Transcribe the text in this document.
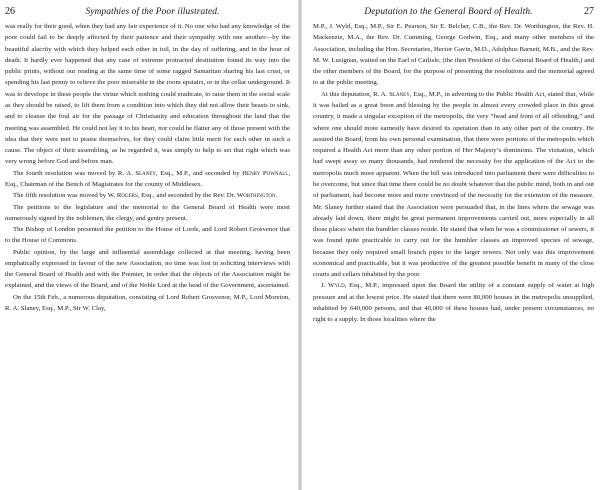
26	Sympathies of the Poor illustrated.

was really for their good, when they had any fair experience of it. No one who had any knowledge of the poor could fail to be deeply affected by their patience and their sympathy with one another—by the beautiful alacrity with which they helped each other in toil, in the day of suffering, and in the hour of death. It hardly ever happened that any case of extreme protracted destitution found its way into the public prints, without our reading at the same time of some ragged Samaritan sharing his last crust, or spending his last penny to relieve the poor miserable in the room upstairs, or in the cellar underground. It was to develope in these people the virtue which nothing could eradicate, to raise them in the social scale as they should be raised, to lift them from a condition into which they did not allow their beasts to sink, and to cleanse the foul air for the passage of Christianity and education throughout the land that the meeting was assembled. He could not lay it to his heart, nor could he flatter any of those present with the idea that they were met to praise themselves, for they could claim little merit for each other in such a cause. The object of their assembling, as he regarded it, was simply to help to set that right which was very wrong before God and before man.

The fourth resolution was moved by R. A. Slaney, Esq., M.P., and seconded by Henry Pownall, Esq., Chairman of the Bench of Magistrates for the county of Middlesex.

The fifth resolution was moved by W. Rogers, Esq., and seconded by the Rev. Dr. Worthington.

The petitions to the legislature and the memorial to the General Board of Health were most numerously signed by the noblemen, the clergy, and gentry present.

The Bishop of London presented the petition to the House of Lords, and Lord Robert Grosvenor that to the House of Commons.

Public opinion, by the large and influential assemblage collected at that meeting, having been emphatically expressed in favour of the new Association, no time was lost in soliciting interviews with the General Board of Health and with the Premier, in order that the objects of the Association might be explained, and the views of the Board, and of the Noble Lord at the head of the Government, ascertained.

On the 15th Feb., a numerous deputation, consisting of Lord Robert Grosvenor, M.P., Lord Moreton, R. A. Slaney, Esq., M.P., Sir W. Clay,

Deputation to the General Board of Health.	27

M.P., J. Wyld, Esq., M.P., Sir E. Pearson, Sir E. Belcher, C.B., the Rev. Dr. Worthington, the Rev. H. Mackenzie, M.A., the Rev. Dr. Cumming, George Godwin, Esq., and many other members of the Association, including the Hon. Secretaries, Hector Gavin, M.D., Adolphus Barnett, M.B., and the Rev. M. W. Lusignan, waited on the Earl of Carlisle, (the then President of the General Board of Health,) and the other members of the Board, for the purpose of presenting the resolutions and the memorial agreed to at the public meeting.

At this deputation, R. A. Slaney, Esq., M.P., in adverting to the Public Health Act, stated that, while it was hailed as a great boon and blessing by the people in almost every crowded place in this great country, it made a singular exception of the metropolis, the very “head and front of all offending,” and where one should more earnestly have desired its operation than in any other part of the country. He assured the Board, from his own personal examination, that there were portions of the metropolis which required a Health Act more than any other portion of Her Majesty’s dominions. The visitation, which had swept away so many thousands, had rendered the necessity for the application of the Act to the metropolis much more apparent. When the bill was introduced into parliament there were difficulties to be overcome, but since that time there could be no doubt whatever that the public mind, both in and out of parliament, had become more and more convinced of the necessity for the extension of the measure. Mr. Slaney further stated that the Association were persuaded that, in the lines where the sewage was already laid down, there might be great permanent improvements carried out, more especially in all those places where the humbler classes reside. He stated that when he was a commissioner of sewers, it was found quite practicable to carry out for the humbler classes an improved species of sewage, because they only required small branch pipes to the larger sewers. Not only was this improvement economical and practicable, but it was productive of the greatest possible benefit in many of the close courts and cellars inhabited by the poor.

J. Wyld, Esq., M.P., impressed upon the Board the utility of a constant supply of water at high pressure and at the lowest price. He stated that there were 80,000 houses in the metropolis unsupplied, inhabited by 640,000 persons, and that 40,000 of these houses had, under present circumstances, no right to a supply. In those localities where the
